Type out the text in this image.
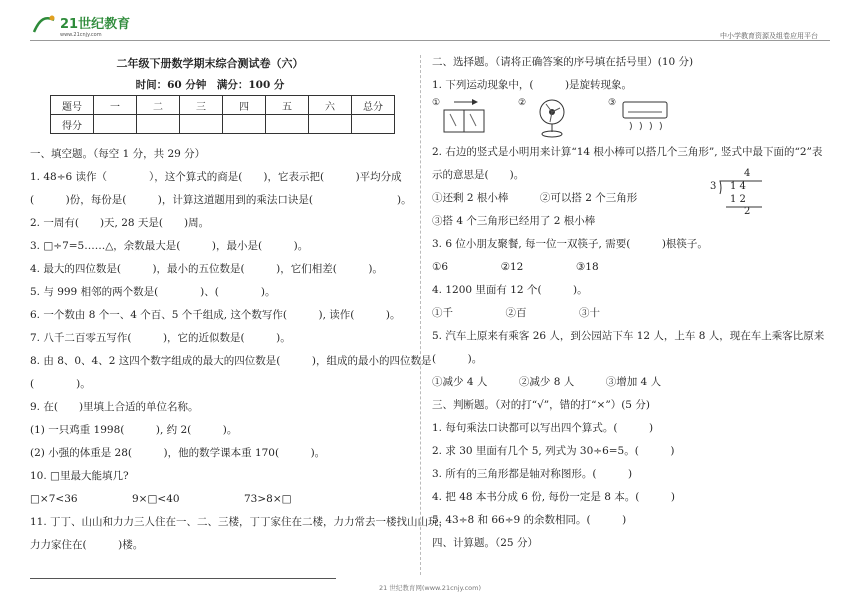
21世纪教育
www.21cnjy.com	中小学教育资源及组卷应用平台
二年级下册数学期末综合测试卷（六）
时间：60 分钟　满分：100 分
题号	一	二	三	四	五	六	总分
得分							
一、填空题。（每空 1 分，共 29 分）
1. 48÷6 读作（　　　　），这个算式的商是(　　)，它表示把(　　　)平均分成
(　　　)份，每份是(　　　)，计算这道题用到的乘法口诀是(　　　　　　　　)。
2. 一周有(　　)天, 28 天是(　　)周。
3. □÷7=5……△，余数最大是(　　　)，最小是(　　　)。
4. 最大的四位数是(　　　)，最小的五位数是(　　　)，它们相差(　　　)。
5. 与 999 相邻的两个数是(　　　　)、(　　　　)。
6. 一个数由 8 个一、4 个百、5 个千组成, 这个数写作(　　　), 读作(　　　)。
7. 八千二百零五写作(　　　)，它的近似数是(　　　)。
8. 由 8、0、4、2 这四个数字组成的最大的四位数是(　　　)，组成的最小的四位数是
(　　　　)。
9. 在(　　)里填上合适的单位名称。
(1) 一只鸡重 1998(　　　), 约 2(　　　)。
(2) 小强的体重是 28(　　　)，他的数学课本重 170(　　　)。
10. □里最大能填几?
□×7<36	9×□<40	73>8×□
11. 丁丁、山山和力力三人住在一、二、三楼，丁丁家住在二楼，力力常去一楼找山山玩，
力力家住在(　　　)楼。
二、选择题。（请将正确答案的序号填在括号里）(10 分)
1. 下列运动现象中，(　　　)是旋转现象。
①	②	③
2. 右边的竖式是小明用来计算“14 根小棒可以搭几个三角形”, 竖式中最下面的“2”表
示的意思是(　　)。	4
3 1 4
1 2
2
①还剩 2 根小棒　　　②可以搭 2 个三角形
③搭 4 个三角形已经用了 2 根小棒
3. 6 位小朋友聚餐, 每一位一双筷子, 需要(　　　)根筷子。
①6　　　　　②12　　　　　③18
4. 1200 里面有 12 个(　　　)。
①千　　　　　②百　　　　　③十
5. 汽车上原来有乘客 26 人，到公园站下车 12 人，上车 8 人，现在车上乘客比原来
(　　　)。
①减少 4 人　　　②减少 8 人　　　③增加 4 人
三、判断题。（对的打“√”，错的打“×”）(5 分)
1. 每句乘法口诀都可以写出四个算式。(　　　)
2. 求 30 里面有几个 5, 列式为 30÷6=5。(　　　)
3. 所有的三角形都是轴对称图形。(　　　)
4. 把 48 本书分成 6 份, 每份一定是 8 本。(　　　)
5. 43÷8 和 66÷9 的余数相同。(　　　)
四、计算题。（25 分）
21 世纪教育网(www.21cnjy.com)
